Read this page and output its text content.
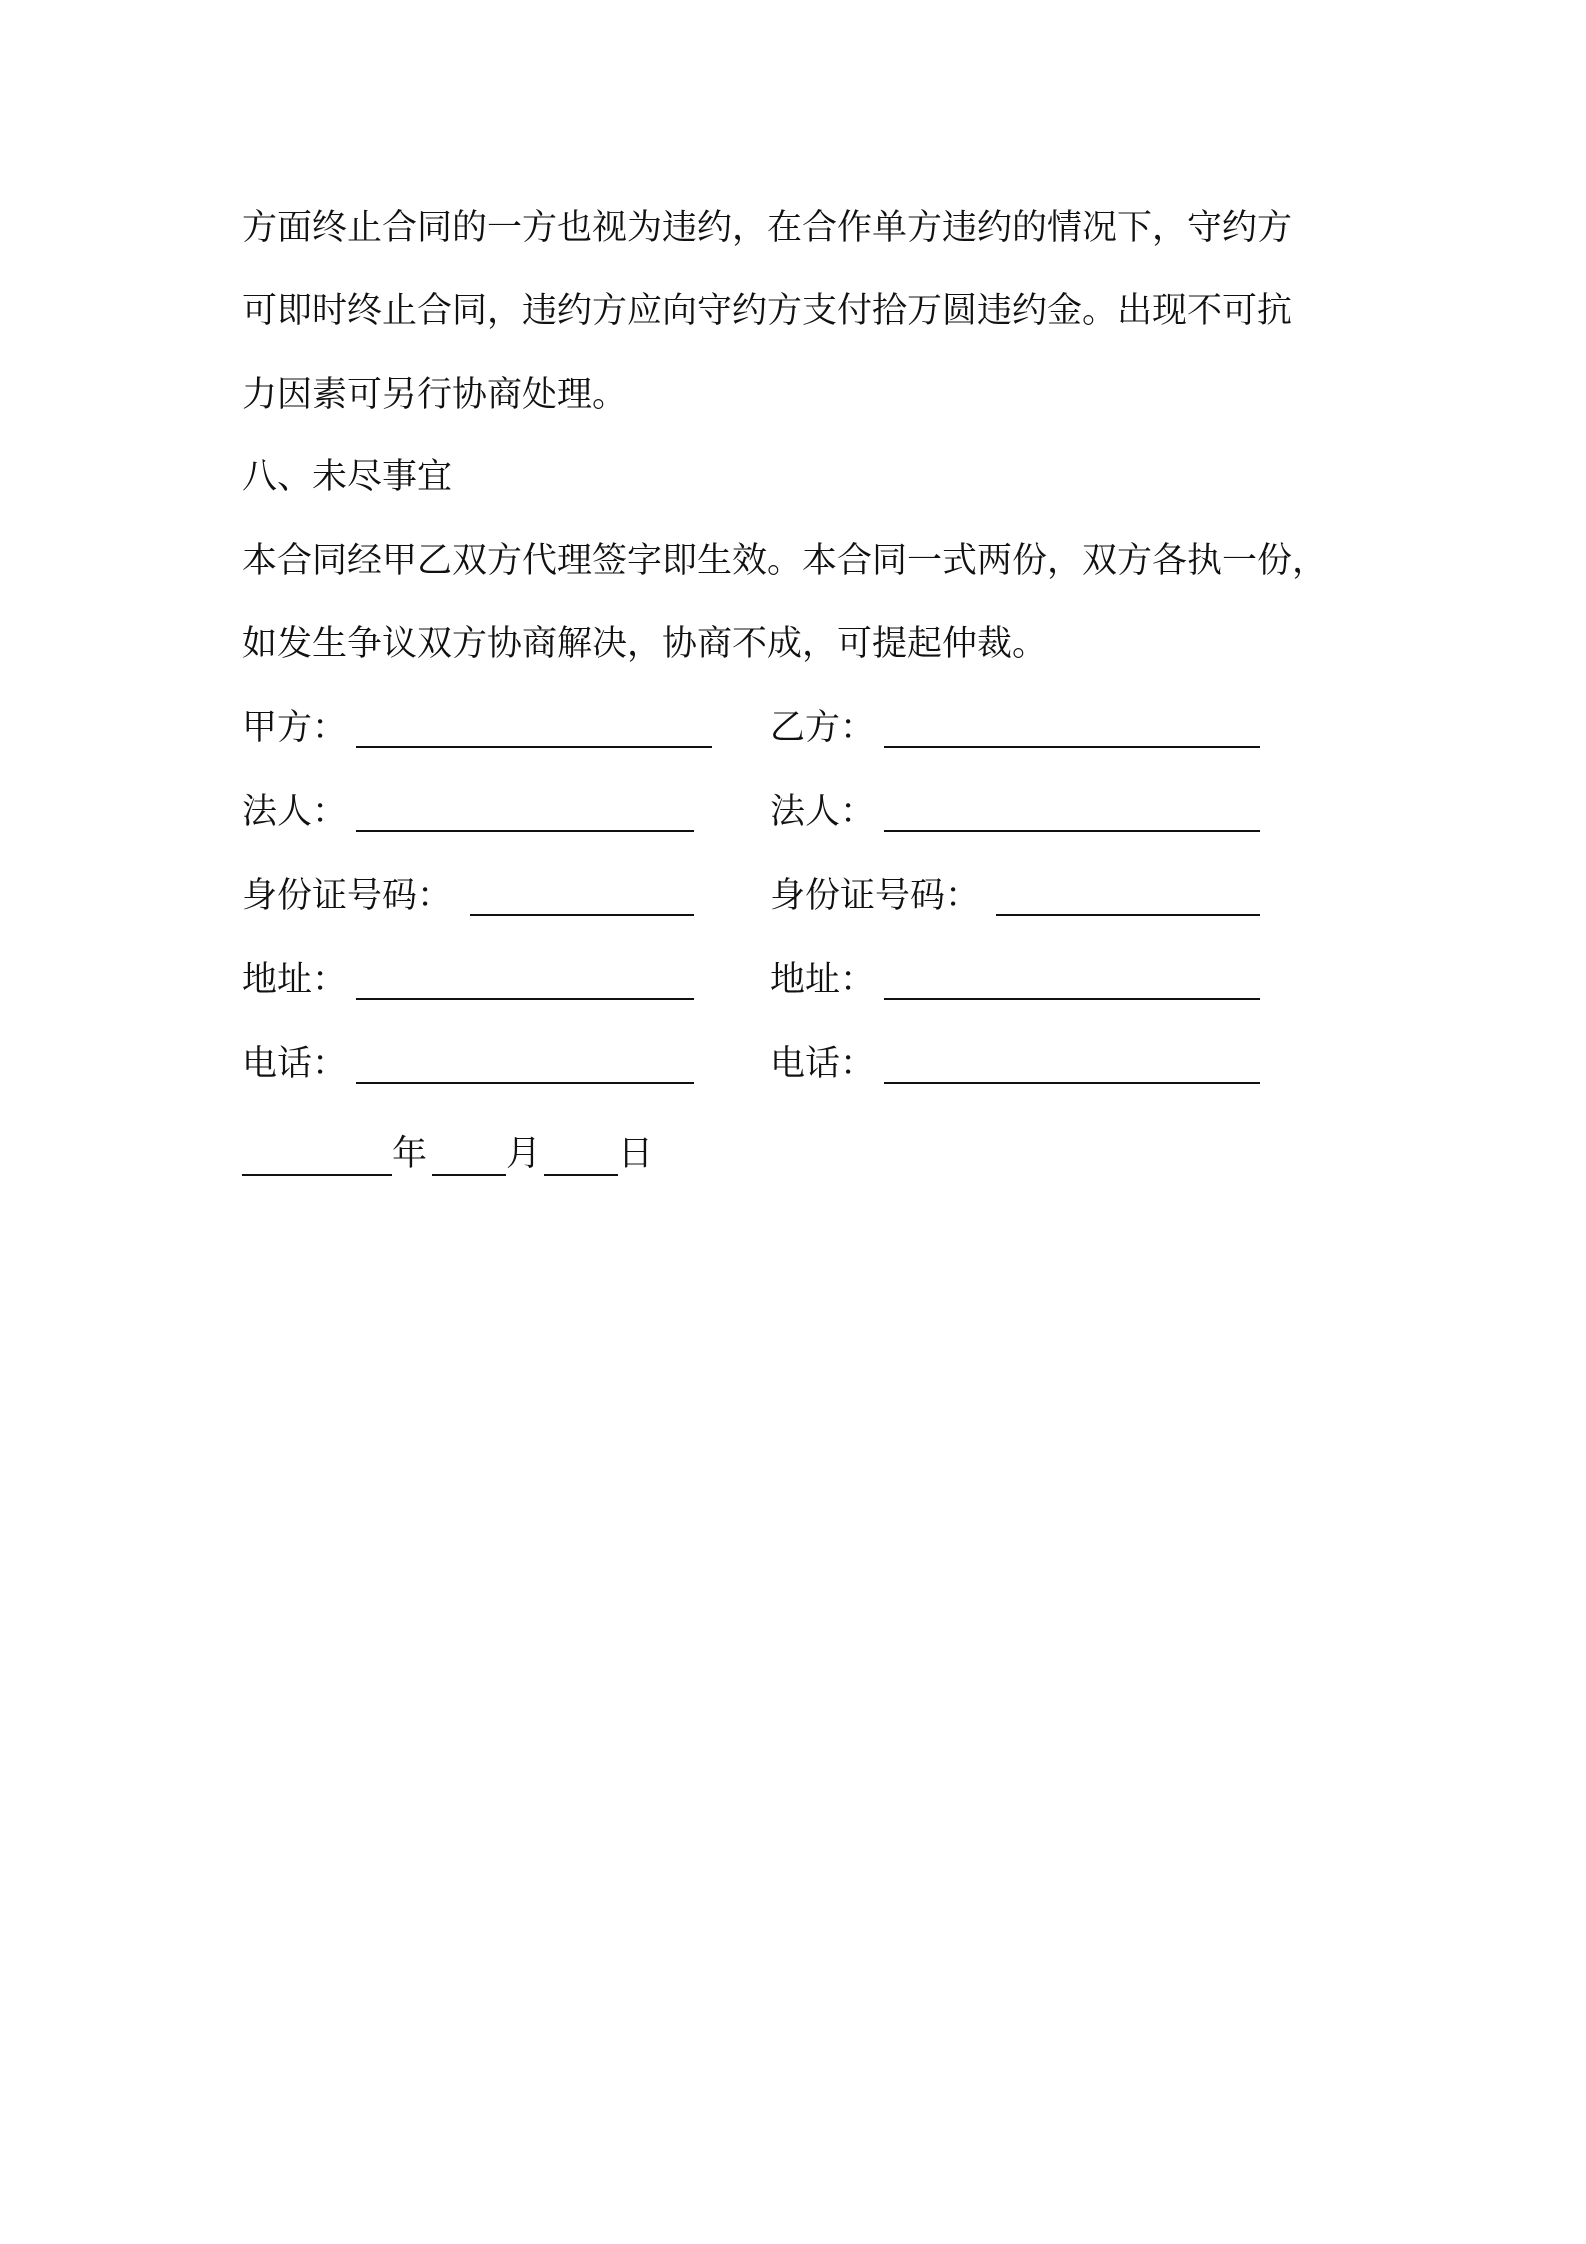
方面终止合同的一方也视为违约，在合作单方违约的情况下，守约方
可即时终止合同，违约方应向守约方支付拾万圆违约金。出现不可抗
力因素可另行协商处理。
八、未尽事宜
本合同经甲乙双方代理签字即生效。本合同一式两份，双方各执一份，
如发生争议双方协商解决，协商不成，可提起仲裁。
甲方：
法人：
身份证号码：
地址：
电话：
乙方：
法人：
身份证号码：
地址：
电话：
年 月 日
